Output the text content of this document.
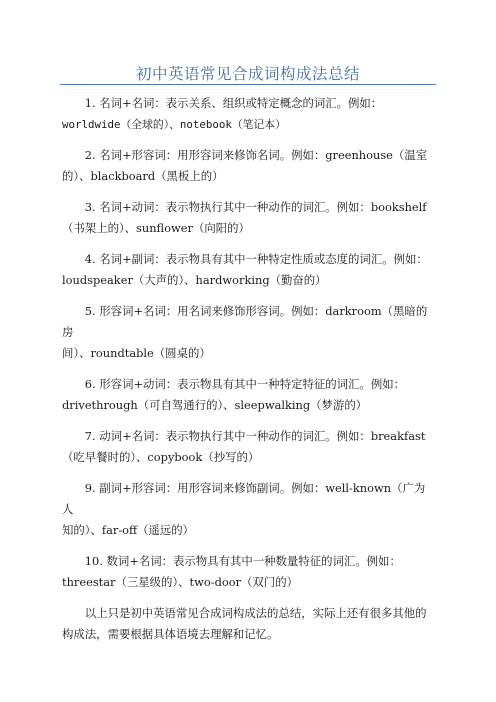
初中英语常见合成词构成法总结

1. 名词+名词：表示关系、组织或特定概念的词汇。例如：
worldwide（全球的）、notebook（笔记本）

2. 名词+形容词：用形容词来修饰名词。例如：greenhouse（温室
的）、blackboard（黑板上的）

3. 名词+动词：表示物执行其中一种动作的词汇。例如：bookshelf
（书架上的）、sunflower（向阳的）

4. 名词+副词：表示物具有其中一种特定性质或态度的词汇。例如：
loudspeaker（大声的）、hardworking（勤奋的）

5. 形容词+名词：用名词来修饰形容词。例如：darkroom（黑暗的房
间）、roundtable（圆桌的）

6. 形容词+动词：表示物具有其中一种特定特征的词汇。例如：
drivethrough（可自驾通行的）、sleepwalking（梦游的）

7. 动词+名词：表示物执行其中一种动作的词汇。例如：breakfast
（吃早餐时的）、copybook（抄写的）

9. 副词+形容词：用形容词来修饰副词。例如：well-known（广为人
知的）、far-off（遥远的）

10. 数词+名词：表示物具有其中一种数量特征的词汇。例如：
threestar（三星级的）、two-door（双门的）

以上只是初中英语常见合成词构成法的总结，实际上还有很多其他的
构成法，需要根据具体语境去理解和记忆。
